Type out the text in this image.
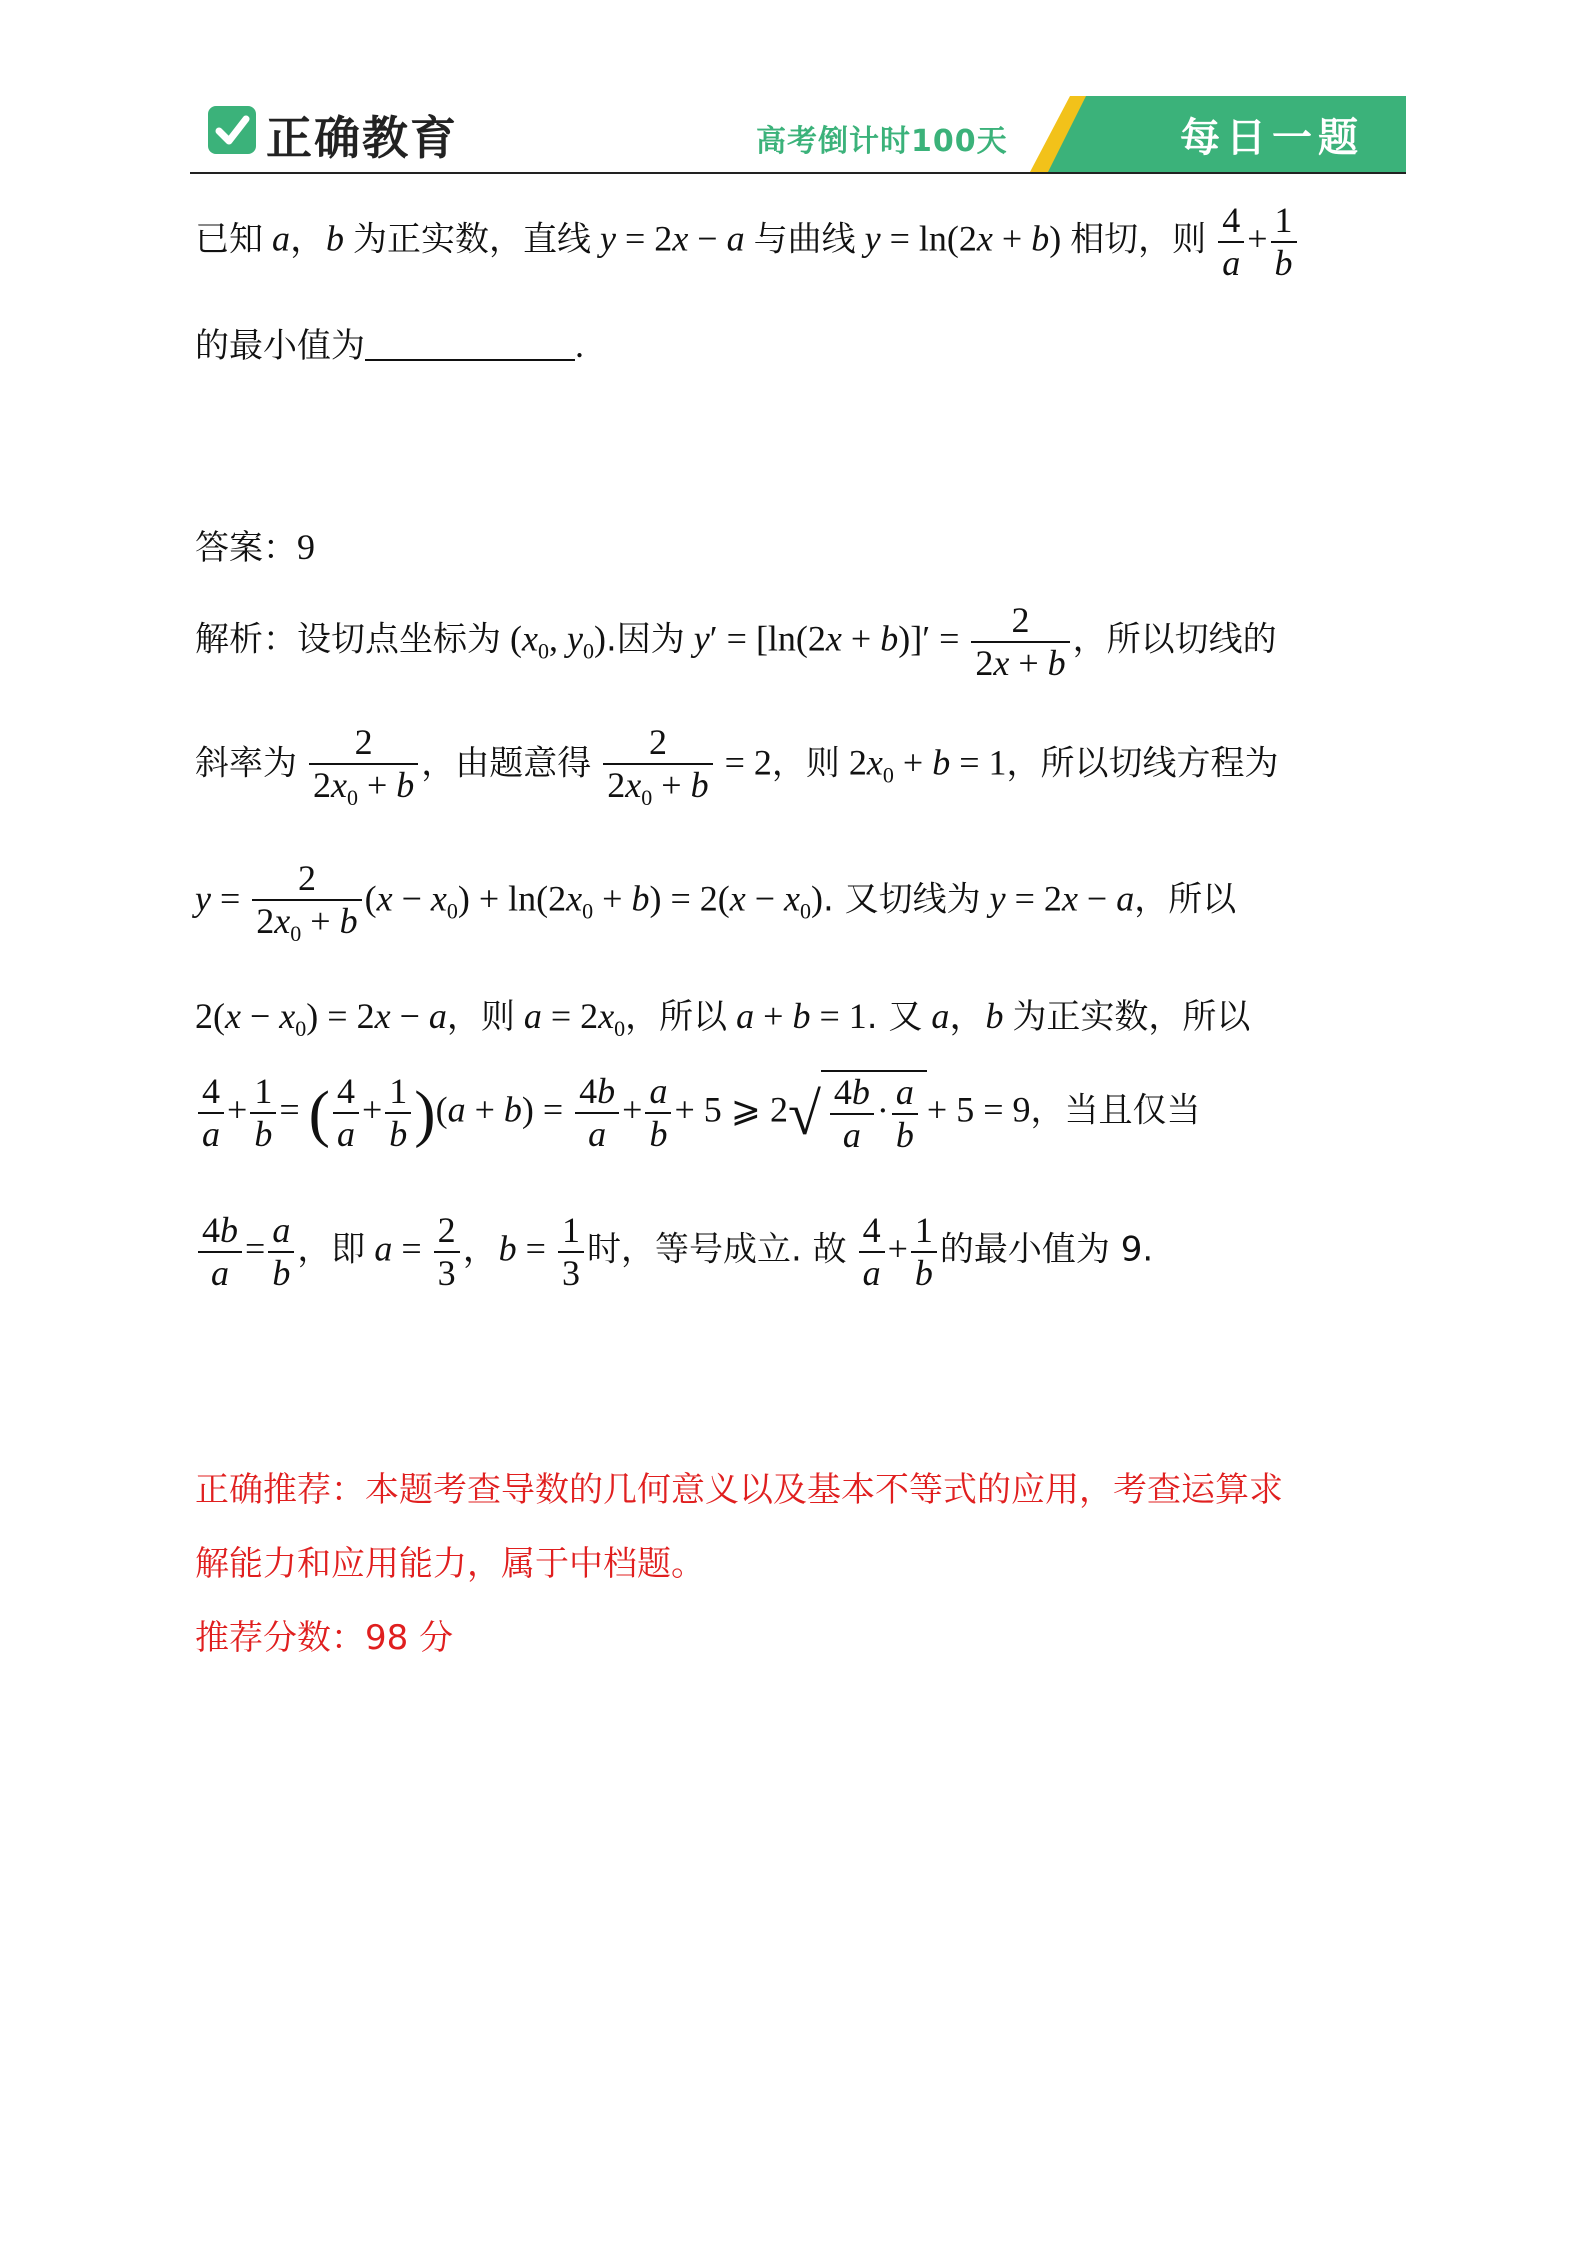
正确教育	高考倒计时100天	每日一题
已知 a，b 为正实数，直线 y = 2x − a 与曲线 y = ln(2x + b) 相切，则 $\frac{4}{a} + \frac{1}{b}$
的最小值为	.
答案：9
解析：设切点坐标为 ($x_0$, $y_0$).因为 $y' = [\ln(2x + b)]' = \frac{2}{2x + b}$ ，所以切线的
斜率为 $\frac{2}{2x_0 + b}$ ，由题意得 $\frac{2}{2x_0 + b} = 2$，则 $2x_0 + b = 1$，所以切线方程为
$y = \frac{2}{2x_0 + b} (x - x_0) + \ln(2x_0 + b) = 2(x - x_0)$. 又切线为 y = 2x − a，所以
$2(x - x_0) = 2x - a$，则 $a = 2x_0$，所以 a + b = 1. 又 a，b 为正实数，所以
$\frac{4}{a} + \frac{1}{b}$ = ( $\frac{4}{a} + \frac{1}{b} )(a + b) = \frac{4b}{a} + \frac{a}{b} + 5$ ⩾ $2√ \frac{4b}{a} \cdot \frac{a}{b} + 5 = 9$，当且仅当
$\frac{4b}{a} = \frac{a}{b}$ ，即 $a = \frac{2}{3}$ ，$b = \frac{1}{3}$ 时，等号成立. 故 $\frac{4}{a} + \frac{1}{b}$ 的最小值为 9.
正确推荐：本题考查导数的几何意义以及基本不等式的应用，考查运算求
解能力和应用能力，属于中档题。
推荐分数：98 分
